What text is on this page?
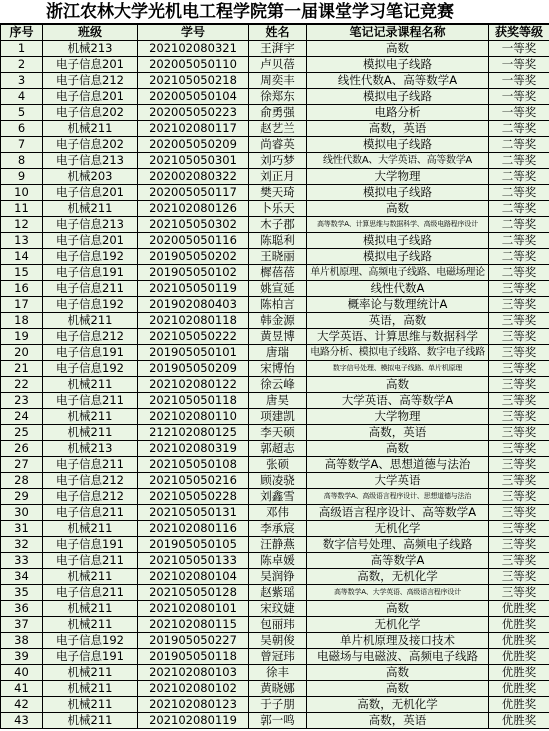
浙江农林大学光机电工程学院第一届课堂学习笔记竞赛
序号	班级	学号	姓名	笔记记录课程名称	获奖等级
1	机械213	202102080321	王湃宇	高数	一等奖
2	电子信息201	202005050110	卢贝蓓	模拟电子线路	一等奖
3	电子信息212	202105050218	周奕丰	线性代数A、高等数学A	一等奖
4	电子信息201	202005050104	徐郑东	模拟电子线路	一等奖
5	电子信息202	202005050223	俞勇强	电路分析	一等奖
6	机械211	202102080117	赵艺兰	高数，英语	二等奖
7	电子信息202	202005050209	尚睿英	模拟电子线路	二等奖
8	电子信息213	202105050301	刘巧梦	线性代数A、大学英语、高等数学A	二等奖
9	机械203	202002080322	刘正月	大学物理	二等奖
10	电子信息201	202005050117	樊天琦	模拟电子线路	二等奖
11	机械211	202102080126	卜乐天	高数	二等奖
12	电子信息213	202105050302	木子郡	高等数学A、计算思维与数据科学、高级电路程序设计	二等奖
13	电子信息201	202005050116	陈聪利	模拟电子线路	二等奖
14	电子信息192	201905050202	王晓丽	模拟电子线路	二等奖
15	电子信息191	201905050102	樨蓓蓓	单片机原理、高频电子线路、电磁场理论	二等奖
16	电子信息211	202105050119	姚宣延	线性代数A	三等奖
17	电子信息192	201902080403	陈柏言	概率论与数理统计A	三等奖
18	机械211	202102080118	韩金源	英语，高数	三等奖
19	电子信息212	202105050222	黄昱博	大学英语、计算思维与数据科学	三等奖
20	电子信息191	201905050101	唐瑞	电路分析、模拟电子线路、数字电子线路	三等奖
21	电子信息192	201905050209	宋博怡	数字信号处理、模拟电子线路、单片机原理	三等奖
22	机械211	202102080122	徐云峰	高数	三等奖
23	电子信息211	202105050118	唐昊	大学英语、高等数学A	三等奖
24	机械211	202102080110	项建凯	大学物理	三等奖
25	机械211	212102080125	李天硕	高数，英语	三等奖
26	机械213	202102080319	郭超志	高数	三等奖
27	电子信息211	202105050108	张硕	高等数学A、思想道德与法治	三等奖
28	电子信息212	202105050216	顾凌骁	大学英语	三等奖
29	电子信息212	202105050228	刘鑫雪	高等数学A、高级语言程序设计、思想道德与法治	三等奖
30	电子信息211	202105050131	邓伟	高级语言程序设计、高等数学A	三等奖
31	机械211	202102080116	李承宸	无机化学	三等奖
32	电子信息191	201905050105	汪静燕	数字信号处理、高频电子线路	三等奖
33	电子信息211	202105050133	陈卓媛	高等数学A	三等奖
34	机械211	202102080104	吴润铮	高数，无机化学	三等奖
35	电子信息211	202105050128	赵紫瑶	高等数学A、大学英语、高级语言程序设计	三等奖
36	机械211	202102080101	宋玟婕	高数	优胜奖
37	机械211	202102080115	包丽玮	无机化学	优胜奖
38	电子信息192	201905050227	吴朝俊	单片机原理及接口技术	优胜奖
39	电子信息191	201905050118	曾冠玮	电磁场与电磁波、高频电子线路	优胜奖
40	机械211	202102080103	徐丰	高数	优胜奖
41	机械211	202102080102	黄晓娜	高数	优胜奖
42	机械211	202102080123	于子朋	高数，无机化学	优胜奖
43	机械211	202102080119	郭一鸣	高数，英语	优胜奖
